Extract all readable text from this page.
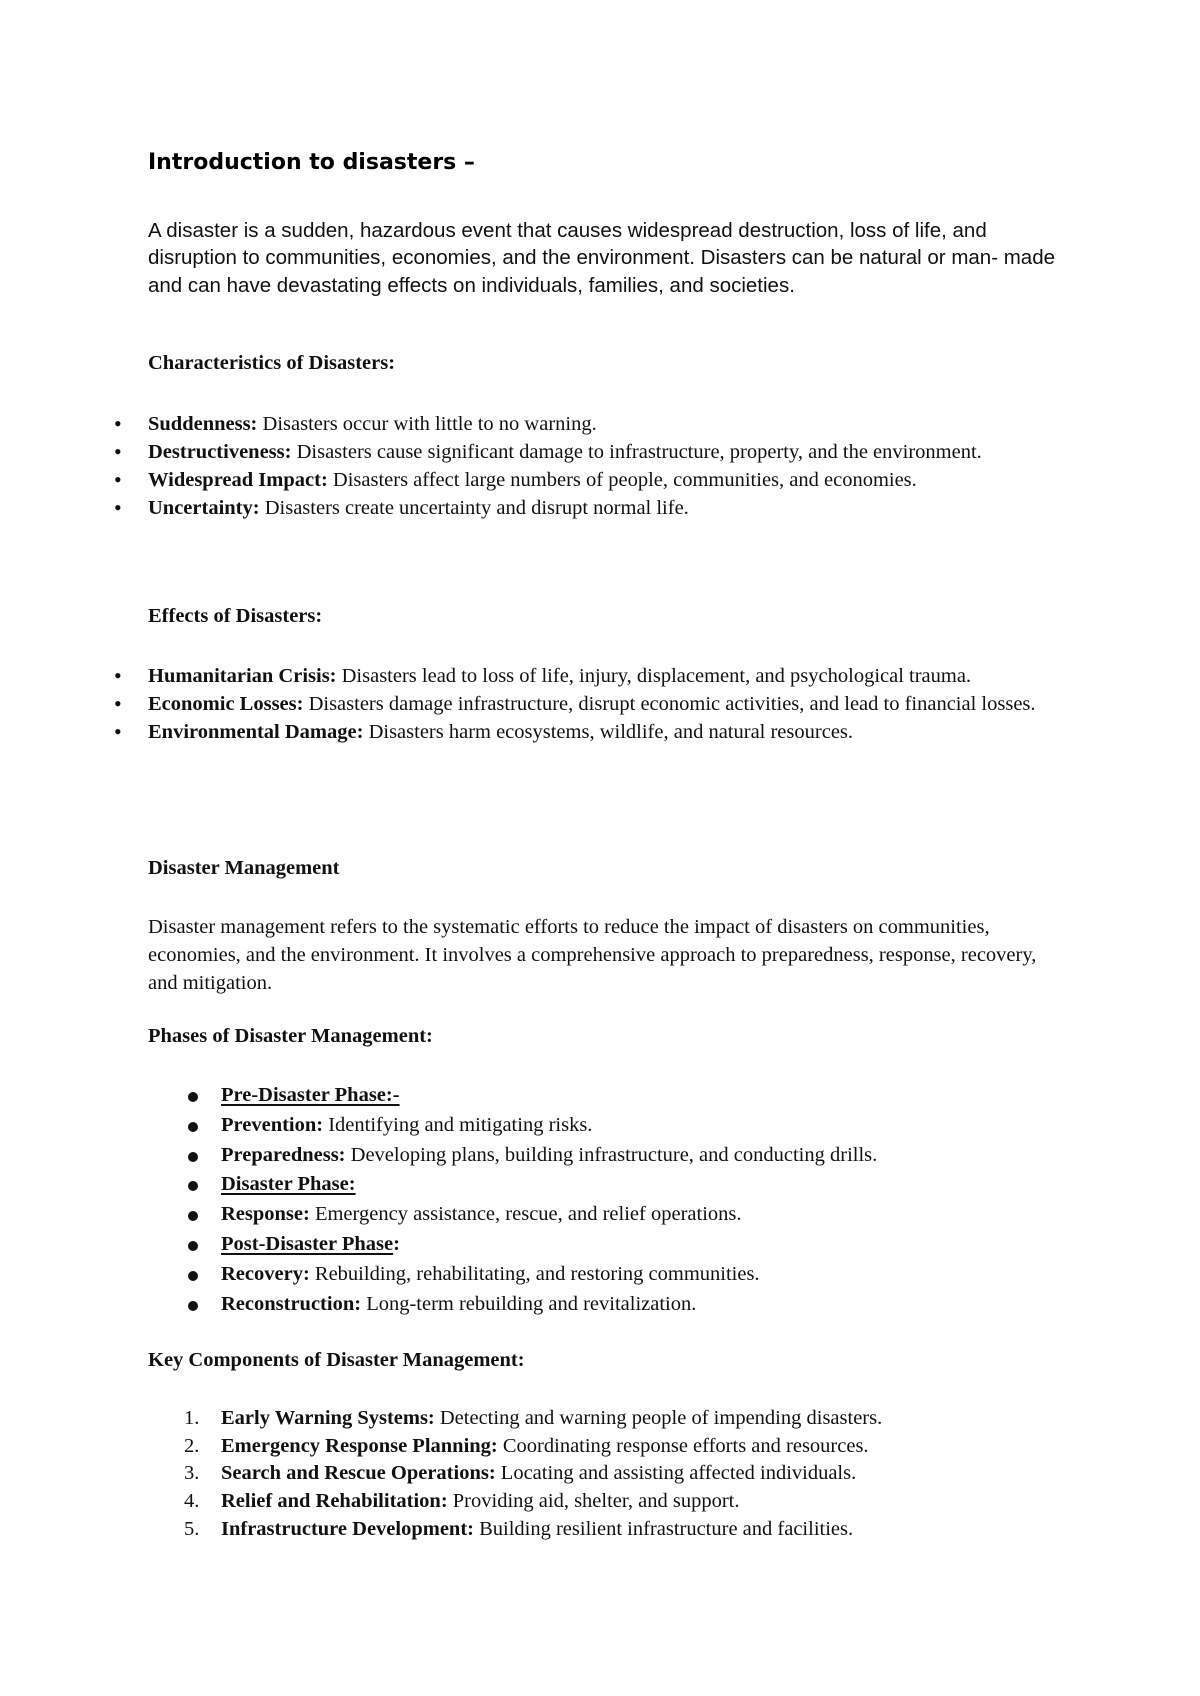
Introduction to disasters –

A disaster is a sudden, hazardous event that causes widespread destruction, loss of life, and disruption to communities, economies, and the environment. Disasters can be natural or man- made and can have devastating effects on individuals, families, and societies.

Characteristics of Disasters:
• Suddenness: Disasters occur with little to no warning.
• Destructiveness: Disasters cause significant damage to infrastructure, property, and the environment.
• Widespread Impact: Disasters affect large numbers of people, communities, and economies.
• Uncertainty: Disasters create uncertainty and disrupt normal life.
Effects of Disasters:
• Humanitarian Crisis: Disasters lead to loss of life, injury, displacement, and psychological trauma.
• Economic Losses: Disasters damage infrastructure, disrupt economic activities, and lead to financial losses.
• Environmental Damage: Disasters harm ecosystems, wildlife, and natural resources.
Disaster Management

Disaster management refers to the systematic efforts to reduce the impact of disasters on communities, economies, and the environment. It involves a comprehensive approach to preparedness, response, recovery, and mitigation.

Phases of Disaster Management:
Pre-Disaster Phase:-
Prevention: Identifying and mitigating risks.
Preparedness: Developing plans, building infrastructure, and conducting drills.
Disaster Phase:
Response: Emergency assistance, rescue, and relief operations.
Post-Disaster Phase:
Recovery: Rebuilding, rehabilitating, and restoring communities.
Reconstruction: Long-term rebuilding and revitalization.
Key Components of Disaster Management:
1. Early Warning Systems: Detecting and warning people of impending disasters.
2. Emergency Response Planning: Coordinating response efforts and resources.
3. Search and Rescue Operations: Locating and assisting affected individuals.
4. Relief and Rehabilitation: Providing aid, shelter, and support.
5. Infrastructure Development: Building resilient infrastructure and facilities.
